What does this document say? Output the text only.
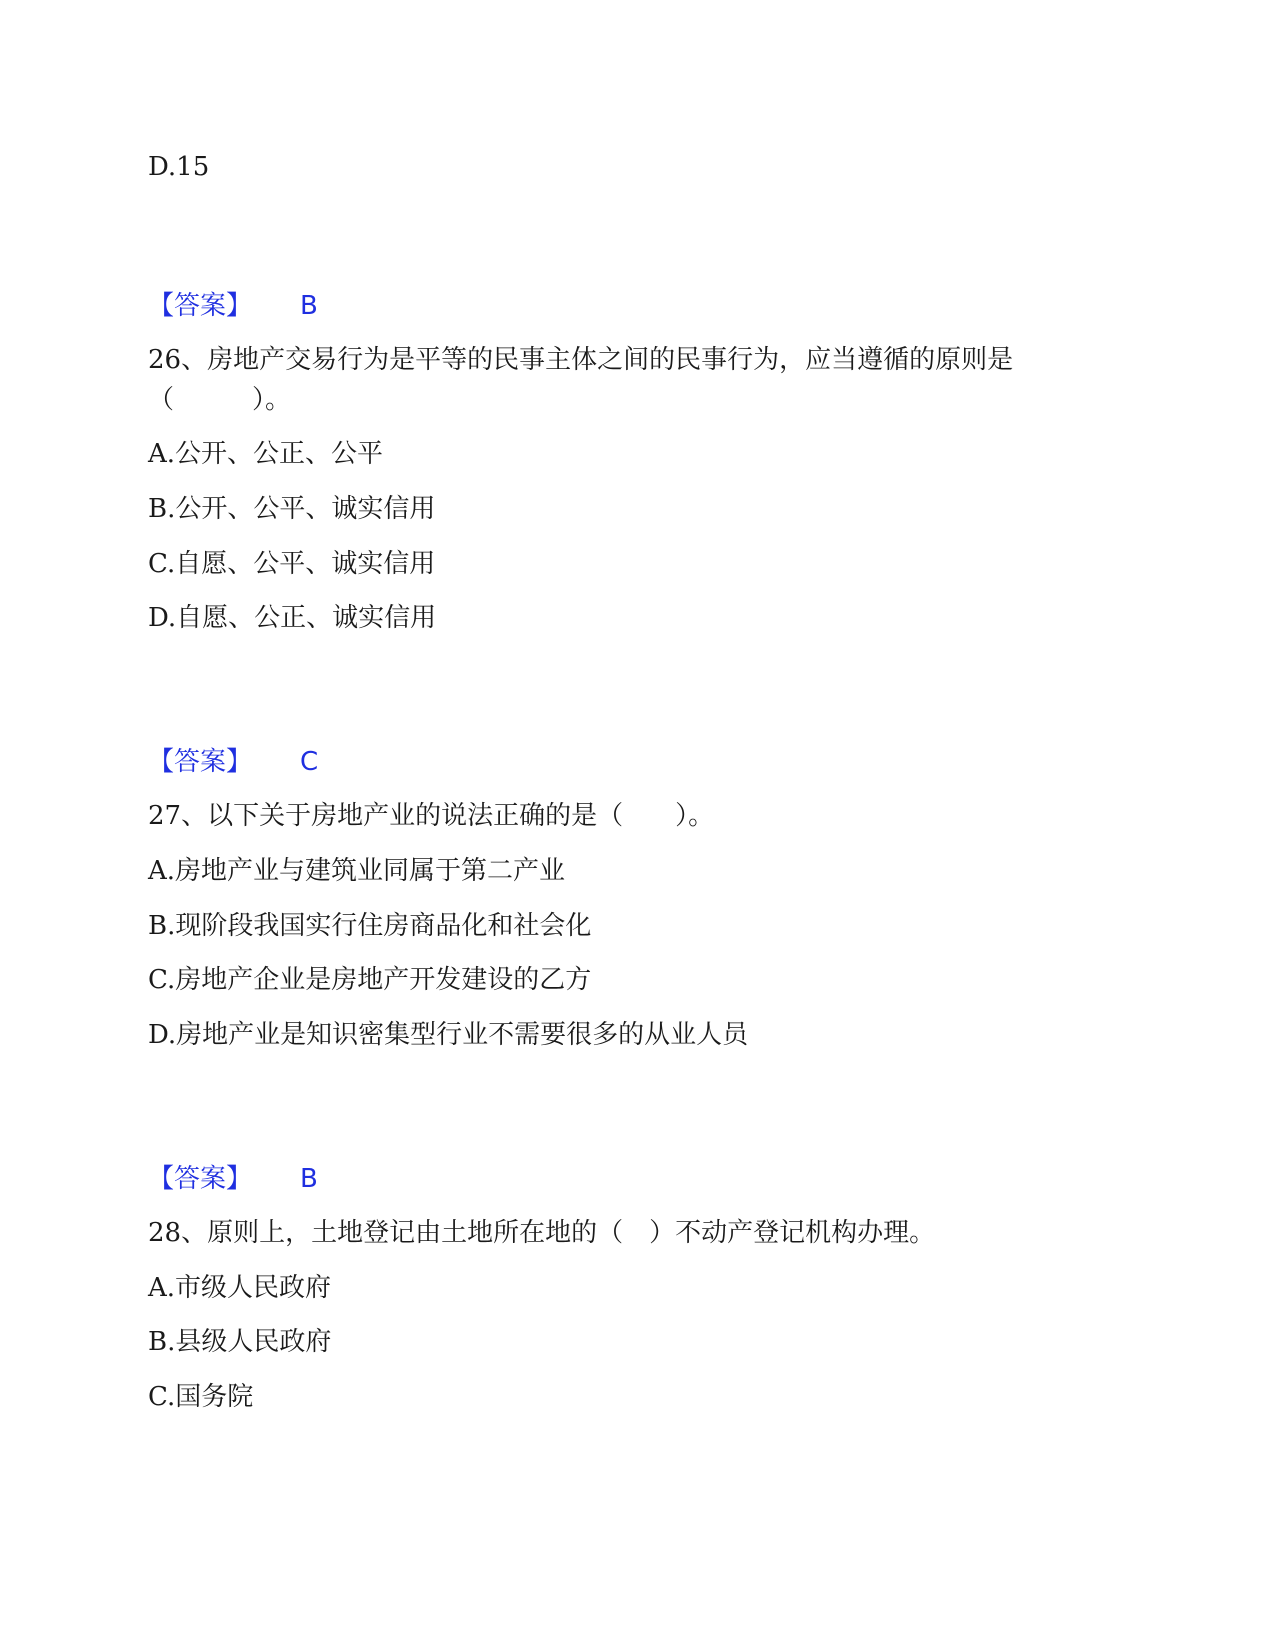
D.15
【答案】 B
26、房地产交易行为是平等的民事主体之间的民事行为，应当遵循的原则是
（　　　）。
A.公开、公正、公平
B.公开、公平、诚实信用
C.自愿、公平、诚实信用
D.自愿、公正、诚实信用
【答案】 C
27、以下关于房地产业的说法正确的是（　　）。
A.房地产业与建筑业同属于第二产业
B.现阶段我国实行住房商品化和社会化
C.房地产企业是房地产开发建设的乙方
D.房地产业是知识密集型行业不需要很多的从业人员
【答案】 B
28、原则上，土地登记由土地所在地的（　）不动产登记机构办理。
A.市级人民政府
B.县级人民政府
C.国务院
